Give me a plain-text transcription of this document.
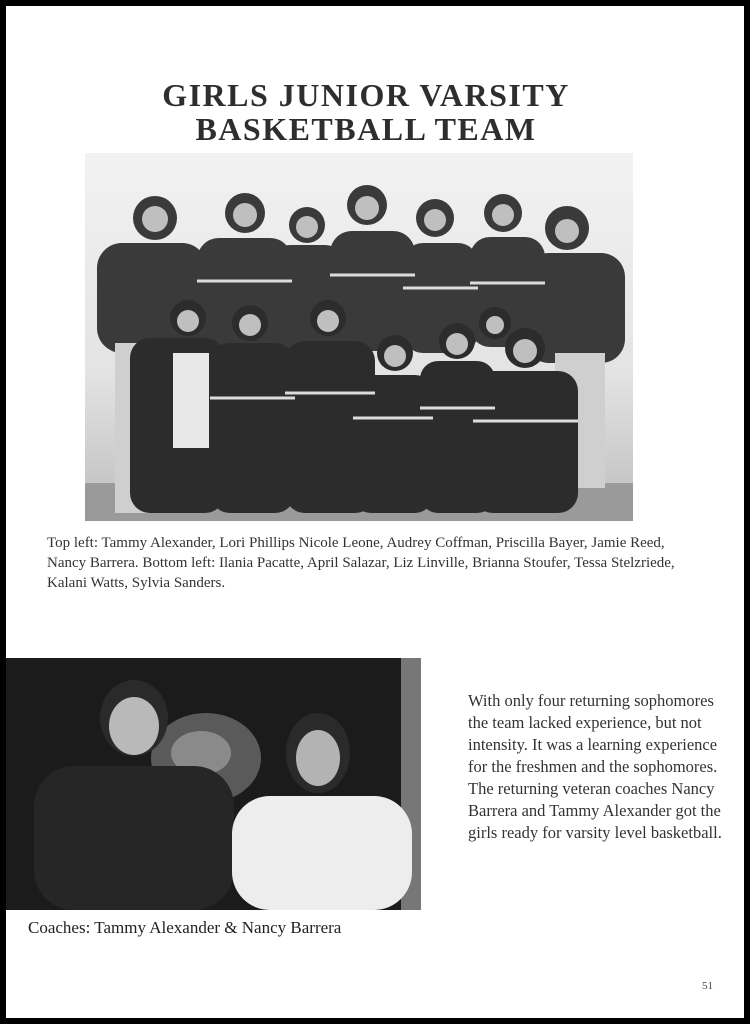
GIRLS JUNIOR VARSITY
BASKETBALL TEAM
Top left: Tammy Alexander, Lori Phillips Nicole Leone, Audrey Coffman, Priscilla Bayer, Jamie Reed, Nancy Barrera. Bottom left: Ilania Pacatte, April Salazar, Liz Linville, Brianna Stoufer, Tessa Stelzriede, Kalani Watts, Sylvia Sanders.
With only four returning sophomores the team lacked experience, but not intensity. It was a learning experience for the freshmen and the sophomores. The returning veteran coaches Nancy Barrera and Tammy Alexander got the girls ready for varsity level basketball.
Coaches: Tammy Alexander & Nancy Barrera
51
